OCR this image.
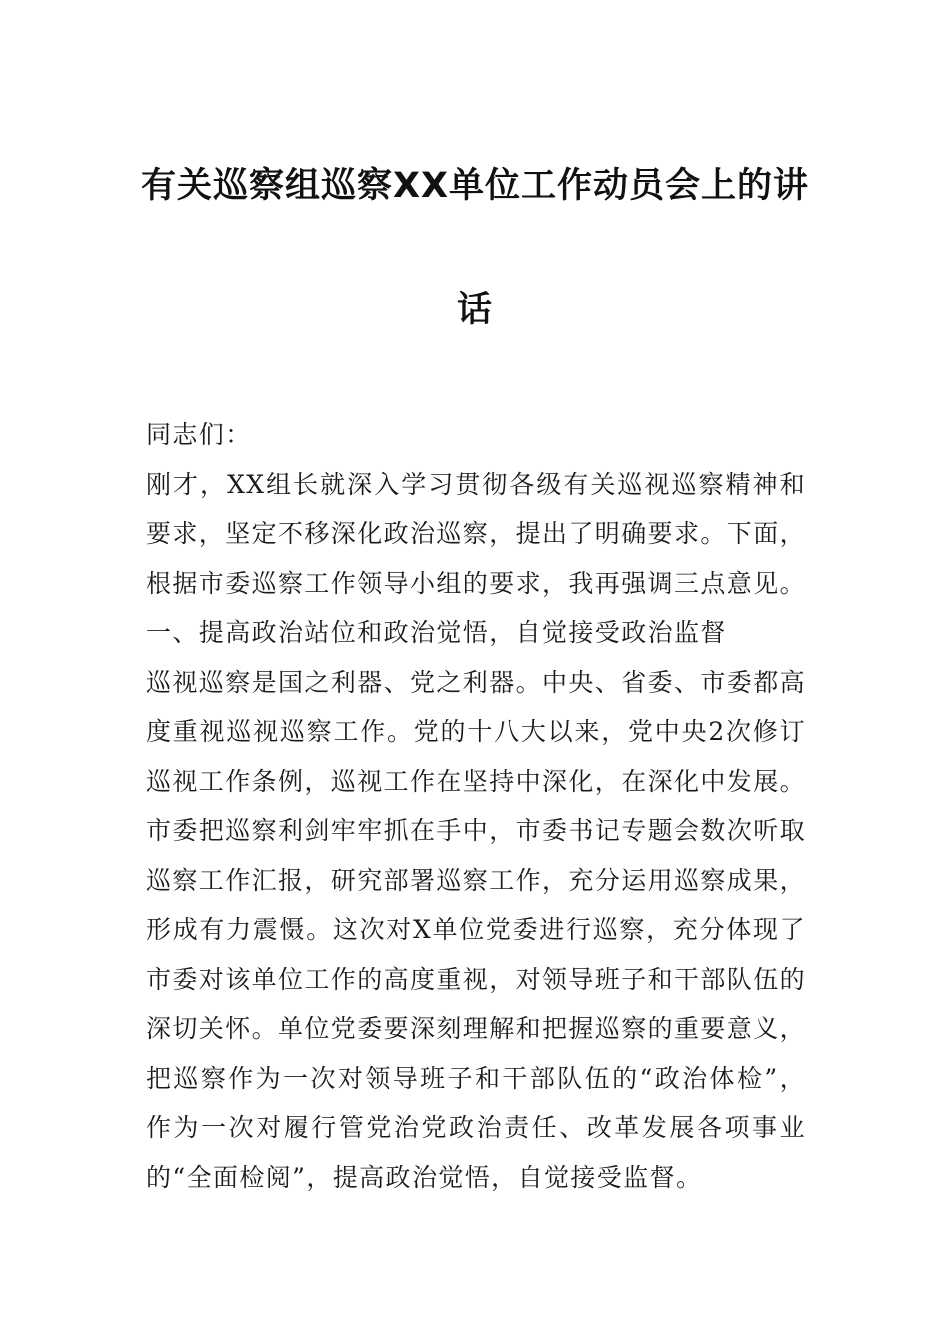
有关巡察组巡察XX单位工作动员会上的讲
话

同志们：

刚才，XX组长就深入学习贯彻各级有关巡视巡察精神和要求，坚定不移深化政治巡察，提出了明确要求。下面，根据市委巡察工作领导小组的要求，我再强调三点意见。

一、提高政治站位和政治觉悟，自觉接受政治监督

巡视巡察是国之利器、党之利器。中央、省委、市委都高度重视巡视巡察工作。党的十八大以来，党中央2次修订巡视工作条例，巡视工作在坚持中深化，在深化中发展。市委把巡察利剑牢牢抓在手中，市委书记专题会数次听取巡察工作汇报，研究部署巡察工作，充分运用巡察成果，形成有力震慑。这次对X单位党委进行巡察，充分体现了市委对该单位工作的高度重视，对领导班子和干部队伍的深切关怀。单位党委要深刻理解和把握巡察的重要意义，把巡察作为一次对领导班子和干部队伍的“政治体检”，作为一次对履行管党治党政治责任、改革发展各项事业的“全面检阅”，提高政治觉悟，自觉接受监督。
